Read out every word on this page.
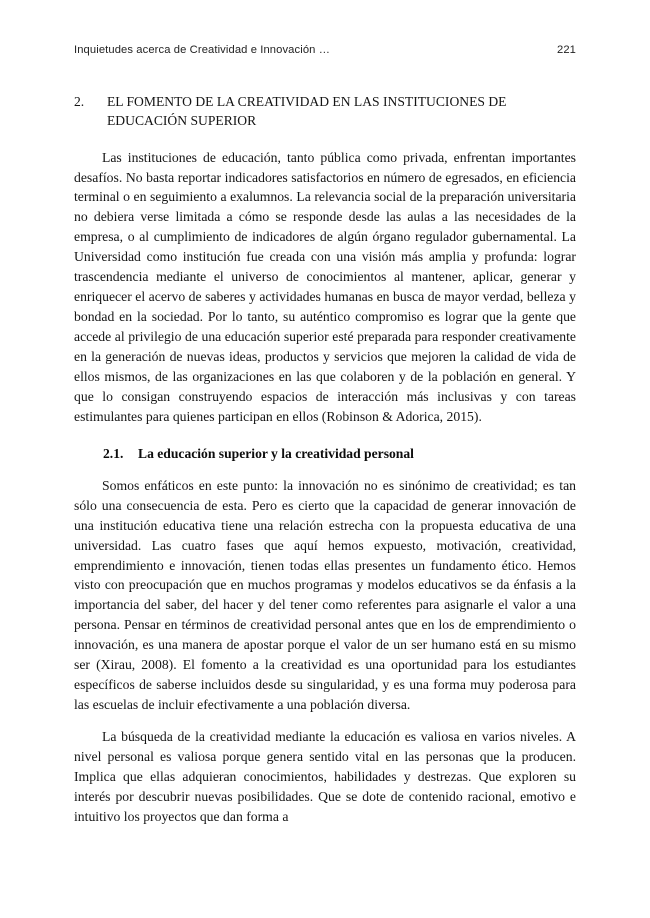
Inquietudes acerca de Creatividad e Innovación …	221
2.	EL FOMENTO DE LA CREATIVIDAD EN LAS INSTITUCIONES DE EDUCACIÓN SUPERIOR

Las instituciones de educación, tanto pública como privada, enfrentan importantes desafíos. No basta reportar indicadores satisfactorios en número de egresados, en eficiencia terminal o en seguimiento a exalumnos. La relevancia social de la preparación universitaria no debiera verse limitada a cómo se responde desde las aulas a las necesidades de la empresa, o al cumplimiento de indicadores de algún órgano regulador gubernamental. La Universidad como institución fue creada con una visión más amplia y profunda: lograr trascendencia mediante el universo de conocimientos al mantener, aplicar, generar y enriquecer el acervo de saberes y actividades humanas en busca de mayor verdad, belleza y bondad en la sociedad. Por lo tanto, su auténtico compromiso es lograr que la gente que accede al privilegio de una educación superior esté preparada para responder creativamente en la generación de nuevas ideas, productos y servicios que mejoren la calidad de vida de ellos mismos, de las organizaciones en las que colaboren y de la población en general. Y que lo consigan construyendo espacios de interacción más inclusivas y con tareas estimulantes para quienes participan en ellos (Robinson & Adorica, 2015).

2.1.	La educación superior y la creatividad personal

Somos enfáticos en este punto: la innovación no es sinónimo de creatividad; es tan sólo una consecuencia de esta. Pero es cierto que la capacidad de generar innovación de una institución educativa tiene una relación estrecha con la propuesta educativa de una universidad. Las cuatro fases que aquí hemos expuesto, motivación, creatividad, emprendimiento e innovación, tienen todas ellas presentes un fundamento ético. Hemos visto con preocupación que en muchos programas y modelos educativos se da énfasis a la importancia del saber, del hacer y del tener como referentes para asignarle el valor a una persona. Pensar en términos de creatividad personal antes que en los de emprendimiento o innovación, es una manera de apostar porque el valor de un ser humano está en su mismo ser (Xirau, 2008). El fomento a la creatividad es una oportunidad para los estudiantes específicos de saberse incluidos desde su singularidad, y es una forma muy poderosa para las escuelas de incluir efectivamente a una población diversa.

La búsqueda de la creatividad mediante la educación es valiosa en varios niveles. A nivel personal es valiosa porque genera sentido vital en las personas que la producen. Implica que ellas adquieran conocimientos, habilidades y destrezas. Que exploren su interés por descubrir nuevas posibilidades. Que se dote de contenido racional, emotivo e intuitivo los proyectos que dan forma a
